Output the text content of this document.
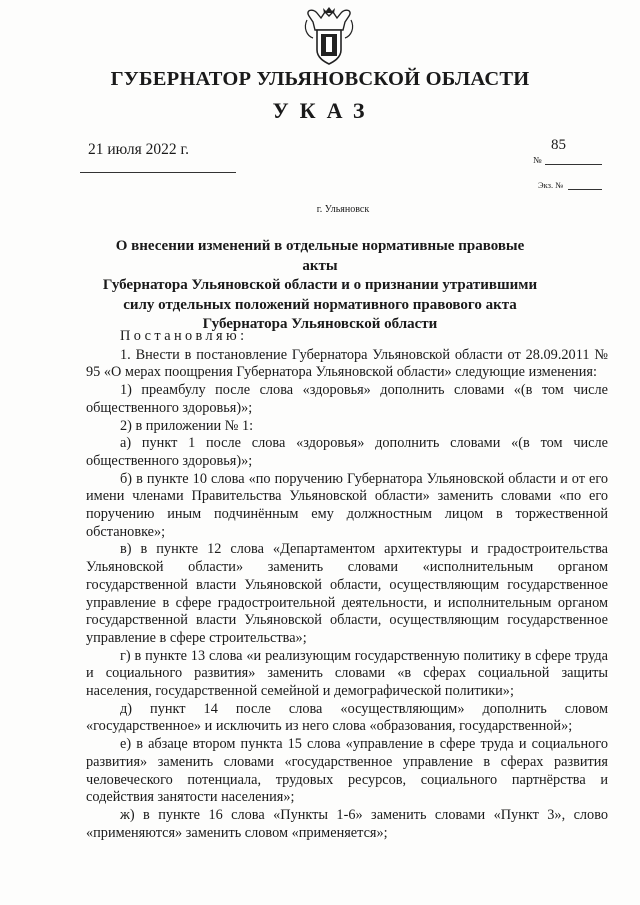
ГУБЕРНАТОР УЛЬЯНОВСКОЙ ОБЛАСТИ
УКАЗ
21 июля 2022 г.	85
№
Экз. №
г. Ульяновск
О внесении изменений в отдельные нормативные правовые акты
Губернатора Ульяновской области и о признании утратившими
силу отдельных положений нормативного правового акта
Губернатора Ульяновской области

Постановляю:

1. Внести в постановление Губернатора Ульяновской области от 28.09.2011 № 95 «О мерах поощрения Губернатора Ульяновской области» следующие изменения:

1) преамбулу после слова «здоровья» дополнить словами «(в том числе общественного здоровья)»;

2) в приложении № 1:

а) пункт 1 после слова «здоровья» дополнить словами «(в том числе общественного здоровья)»;

б) в пункте 10 слова «по поручению Губернатора Ульяновской области и от его имени членами Правительства Ульяновской области» заменить словами «по его поручению иным подчинённым ему должностным лицом в торжественной обстановке»;

в) в пункте 12 слова «Департаментом архитектуры и градостроительства Ульяновской области» заменить словами «исполнительным органом государственной власти Ульяновской области, осуществляющим государственное управление в сфере градостроительной деятельности, и исполнительным органом государственной власти Ульяновской области, осуществляющим государственное управление в сфере строительства»;

г) в пункте 13 слова «и реализующим государственную политику в сфере труда и социального развития» заменить словами «в сферах социальной защиты населения, государственной семейной и демографической политики»;

д) пункт 14 после слова «осуществляющим» дополнить словом «государственное» и исключить из него слова «образования, государственной»;

е) в абзаце втором пункта 15 слова «управление в сфере труда и социального развития» заменить словами «государственное управление в сферах развития человеческого потенциала, трудовых ресурсов, социального партнёрства и содействия занятости населения»;

ж) в пункте 16 слова «Пункты 1-6» заменить словами «Пункт 3», слово «применяются» заменить словом «применяется»;
